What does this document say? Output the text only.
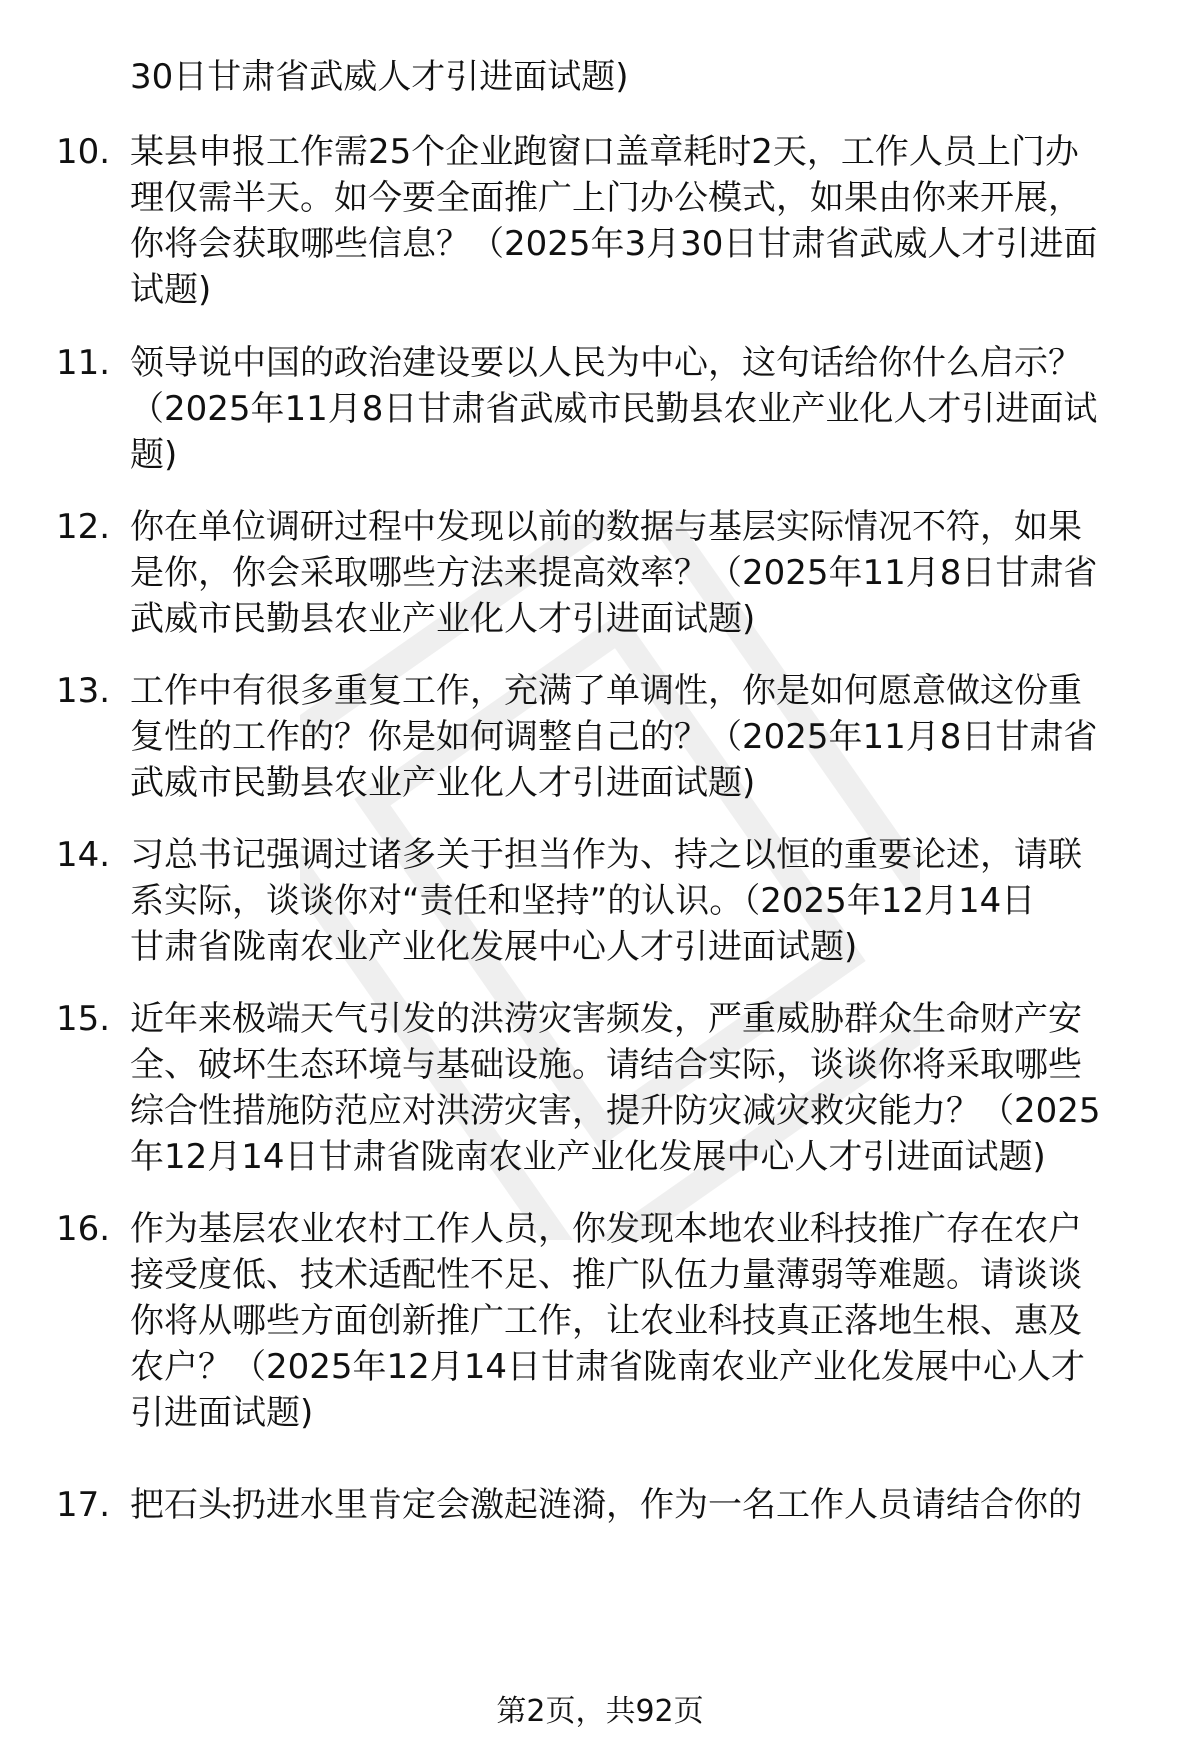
30日甘肃省武威人才引进面试题)
10. 某县申报工作需25个企业跑窗口盖章耗时2天，工作人员上门办
理仅需半天。如今要全面推广上门办公模式，如果由你来开展，
你将会获取哪些信息？（2025年3月30日甘肃省武威人才引进面
试题)
11. 领导说中国的政治建设要以人民为中心，这句话给你什么启示？
（2025年11月8日甘肃省武威市民勤县农业产业化人才引进面试
题)
12. 你在单位调研过程中发现以前的数据与基层实际情况不符，如果
是你，你会采取哪些方法来提高效率？（2025年11月8日甘肃省
武威市民勤县农业产业化人才引进面试题)
13. 工作中有很多重复工作，充满了单调性，你是如何愿意做这份重
复性的工作的？你是如何调整自己的？（2025年11月8日甘肃省
武威市民勤县农业产业化人才引进面试题)
14. 习总书记强调过诸多关于担当作为、持之以恒的重要论述，请联
系实际，谈谈你对“责任和坚持”的认识。（2025年12月14日
甘肃省陇南农业产业化发展中心人才引进面试题)
15. 近年来极端天气引发的洪涝灾害频发，严重威胁群众生命财产安
全、破坏生态环境与基础设施。请结合实际，谈谈你将采取哪些
综合性措施防范应对洪涝灾害，提升防灾减灾救灾能力？（2025
年12月14日甘肃省陇南农业产业化发展中心人才引进面试题)
16. 作为基层农业农村工作人员，你发现本地农业科技推广存在农户
接受度低、技术适配性不足、推广队伍力量薄弱等难题。请谈谈
你将从哪些方面创新推广工作，让农业科技真正落地生根、惠及
农户？（2025年12月14日甘肃省陇南农业产业化发展中心人才
引进面试题)
17. 把石头扔进水里肯定会激起涟漪，作为一名工作人员请结合你的
第2页，共92页
